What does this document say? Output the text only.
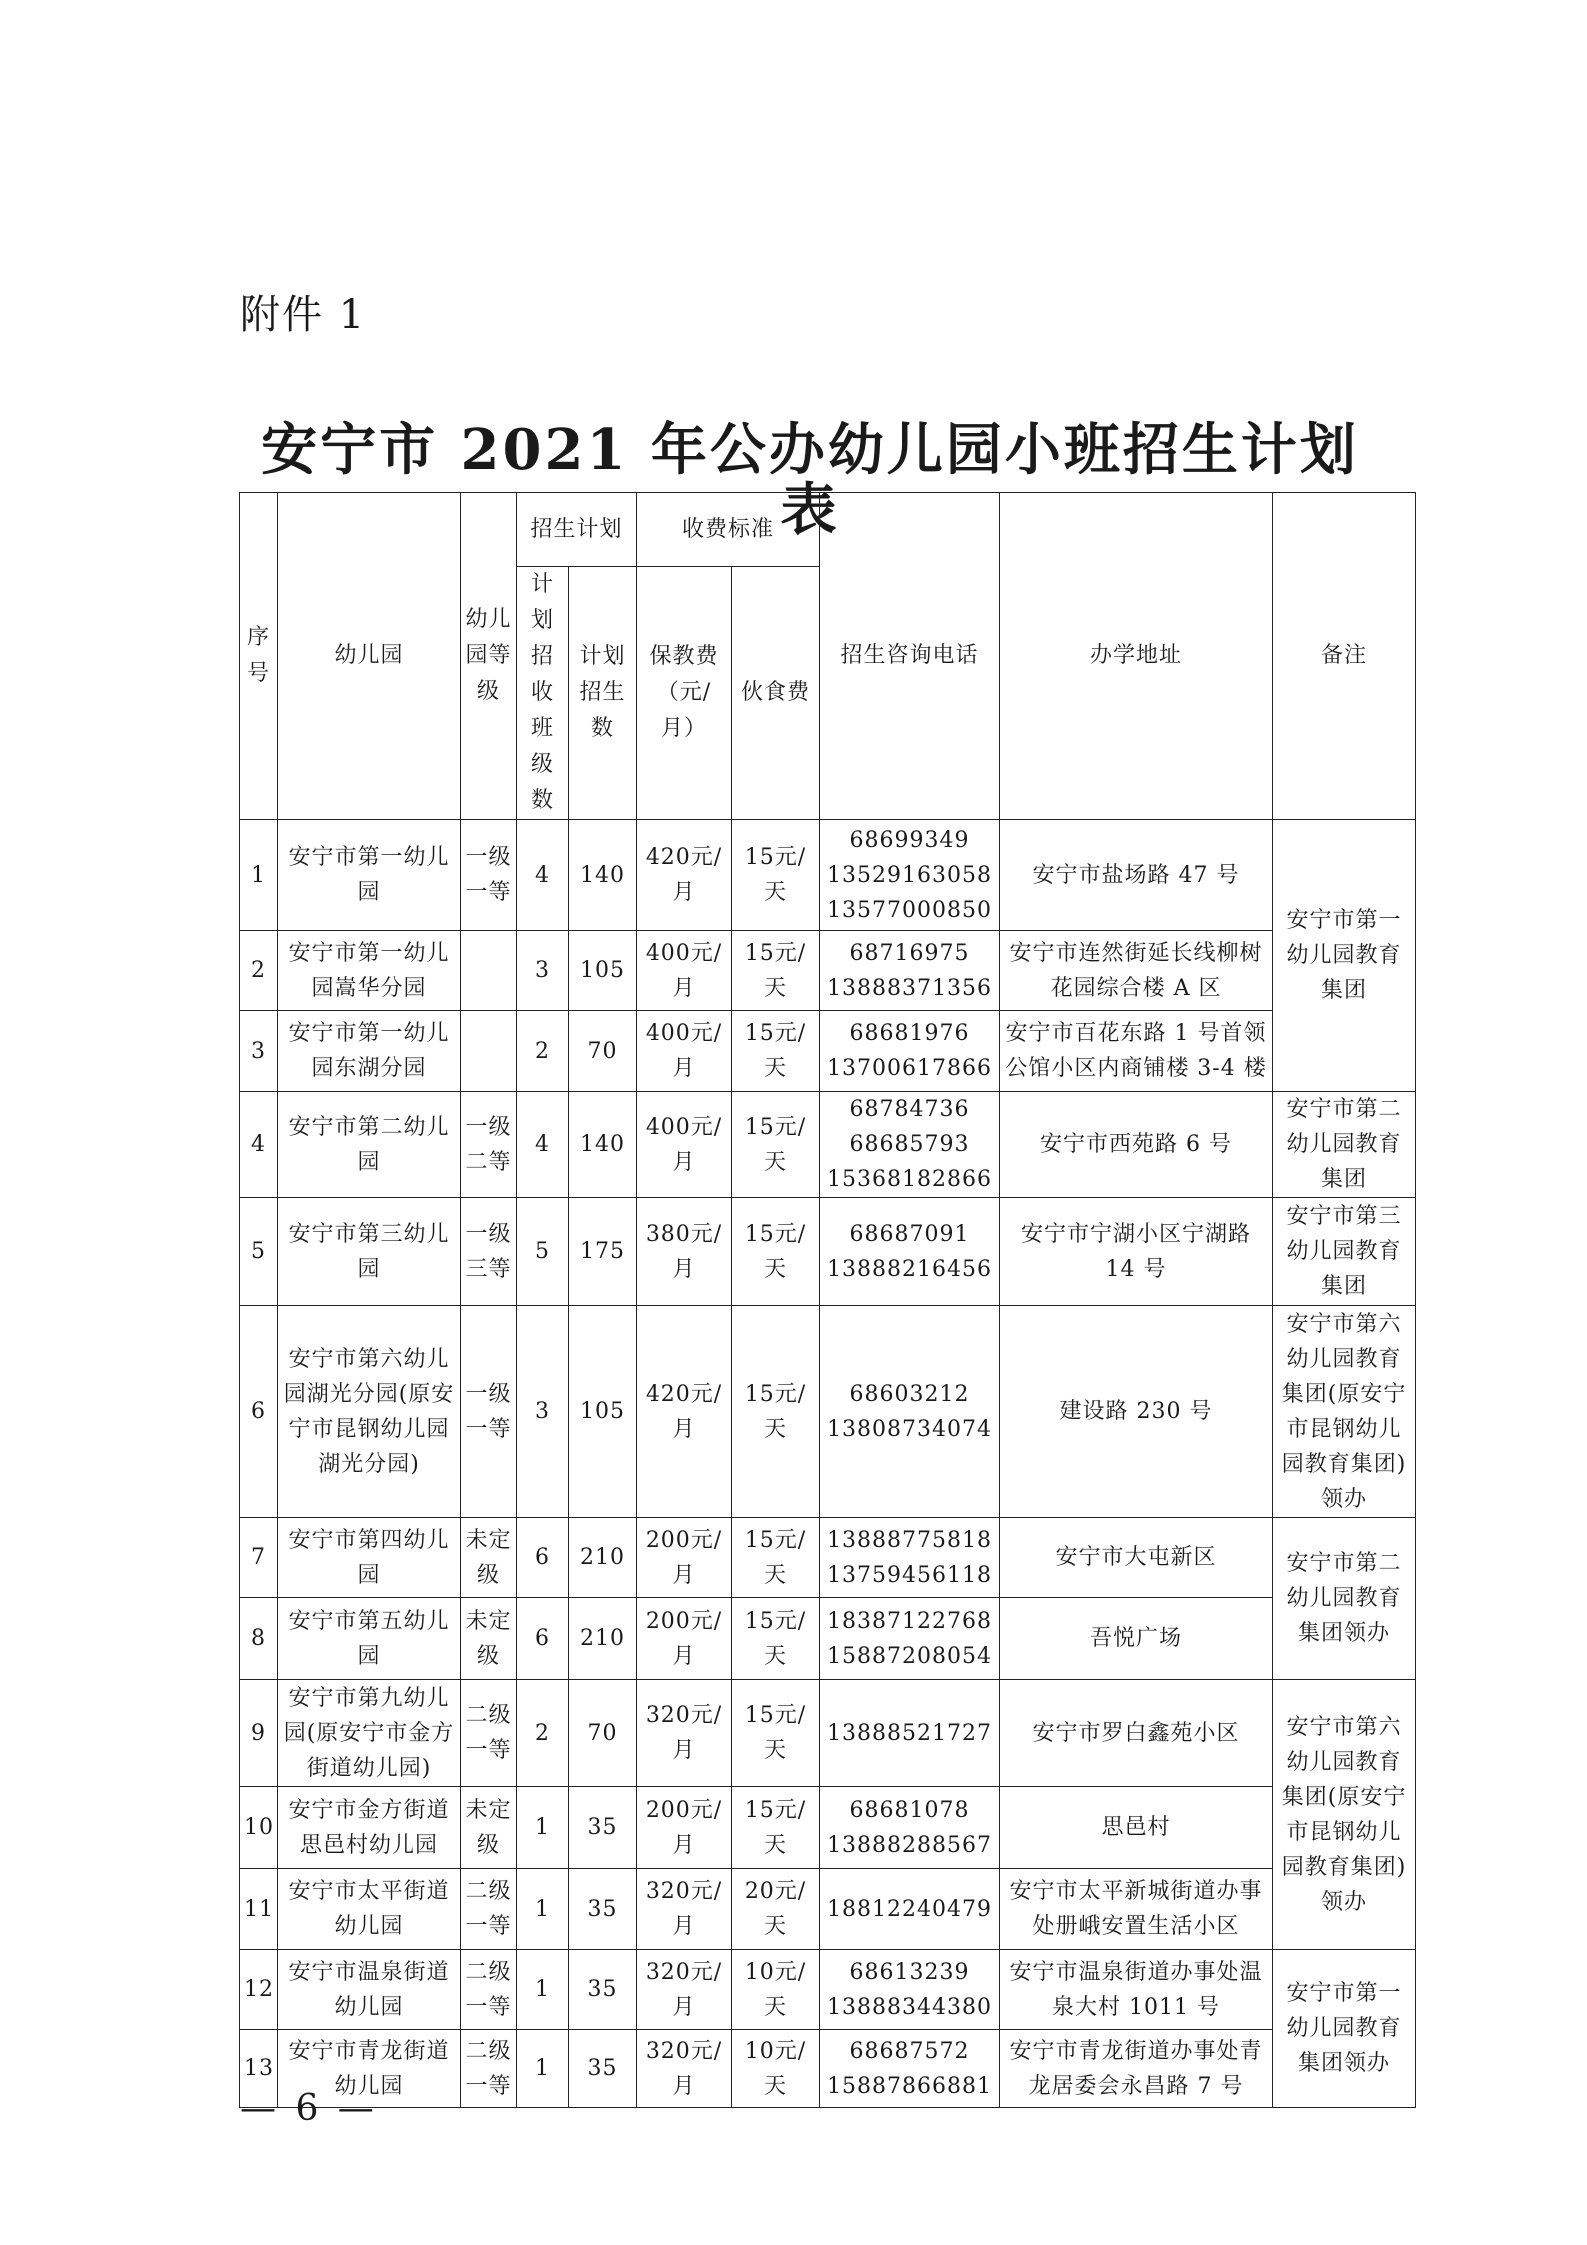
附件 1
安宁市 2021 年公办幼儿园小班招生计划表
序号	幼儿园	幼儿园等级	招生计划		收费标准		招生咨询电话	办学地址	备注
			计划招收班级数	计划招生数	保教费（元/月）	伙食费			
1	安宁市第一幼儿园	一级一等	4	140	420元/月	15元/天	68699349
13529163058
13577000850	安宁市盐场路 47 号	安宁市第一幼儿园教育集团
2	安宁市第一幼儿园嵩华分园		3	105	400元/月	15元/天	68716975
13888371356	安宁市连然街延长线柳树花园综合楼 A 区	
3	安宁市第一幼儿园东湖分园		2	70	400元/月	15元/天	68681976
13700617866	安宁市百花东路 1 号首领公馆小区内商铺楼 3-4 楼	
4	安宁市第二幼儿园	一级二等	4	140	400元/月	15元/天	68784736
68685793
15368182866	安宁市西苑路 6 号	安宁市第二幼儿园教育集团
5	安宁市第三幼儿园	一级三等	5	175	380元/月	15元/天	68687091
13888216456	安宁市宁湖小区宁湖路 14 号	安宁市第三幼儿园教育集团
6	安宁市第六幼儿园湖光分园(原安宁市昆钢幼儿园湖光分园)	一级一等	3	105	420元/月	15元/天	68603212
13808734074	建设路 230 号	安宁市第六幼儿园教育集团(原安宁市昆钢幼儿园教育集团)领办
7	安宁市第四幼儿园	未定级	6	210	200元/月	15元/天	13888775818
13759456118	安宁市大屯新区	安宁市第二幼儿园教育集团领办
8	安宁市第五幼儿园	未定级	6	210	200元/月	15元/天	18387122768
15887208054	吾悦广场	
9	安宁市第九幼儿园(原安宁市金方街道幼儿园)	二级一等	2	70	320元/月	15元/天	13888521727	安宁市罗白鑫苑小区	安宁市第六幼儿园教育集团(原安宁市昆钢幼儿园教育集团)领办
10	安宁市金方街道思邑村幼儿园	未定级	1	35	200元/月	15元/天	68681078
13888288567	思邑村	
11	安宁市太平街道幼儿园	二级一等	1	35	320元/月	20元/天	18812240479	安宁市太平新城街道办事处册峨安置生活小区	
12	安宁市温泉街道幼儿园	二级一等	1	35	320元/月	10元/天	68613239
13888344380	安宁市温泉街道办事处温泉大村 1011 号	安宁市第一幼儿园教育集团领办
13	安宁市青龙街道幼儿园	二级一等	1	35	320元/月	10元/天	68687572
15887866881	安宁市青龙街道办事处青龙居委会永昌路 7 号	
— 6 —
